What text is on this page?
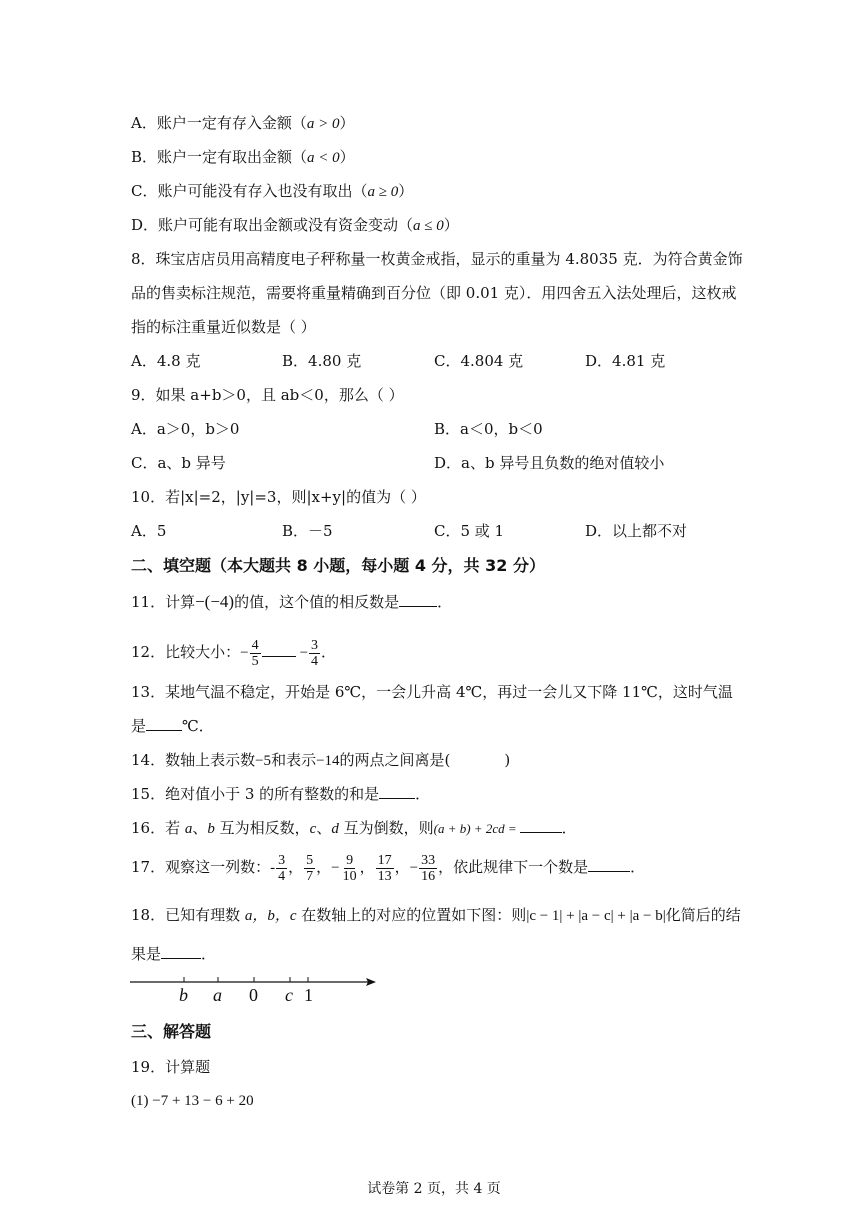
A．账户一定有存入金额（a > 0）
B．账户一定有取出金额（a < 0）
C．账户可能没有存入也没有取出（a ≥ 0）
D．账户可能有取出金额或没有资金变动（a ≤ 0）
8．珠宝店店员用高精度电子秤称量一枚黄金戒指，显示的重量为 4.8035 克．为符合黄金饰
品的售卖标注规范，需要将重量精确到百分位（即 0.01 克）．用四舍五入法处理后，这枚戒
指的标注重量近似数是（ ）
A．4.8 克	B．4.80 克	C．4.804 克	D．4.81 克
9．如果 a+b＞0，且 ab＜0，那么（ ）
A．a＞0，b＞0	B．a＜0，b＜0
C．a、b 异号	D．a、b 异号且负数的绝对值较小
10．若|x|=2，|y|=3，则|x+y|的值为（ ）
A．5	B．－5	C．5 或 1	D．以上都不对
二、填空题（本大题共 8 小题，每小题 4 分，共 32 分）
11．计算−(−4)的值，这个值的相反数是	．
12．比较大小：− $\frac{4}{5}$	− $\frac{3}{4}$ ．
13．某地气温不稳定，开始是 6℃，一会儿升高 4℃，再过一会儿又下降 11℃，这时气温
是 ℃．
14．数轴上表示数−5和表示−14的两点之间离是(	)
15．绝对值小于 3 的所有整数的和是 ．
16．若 a、b 互为相反数，c、d 互为倒数，则(a + b) + 2cd =	．
17．观察这一列数：- $\frac{3}{4}$ ， $\frac{5}{7}$ ，− $\frac{9}{10}$ ， $\frac{17}{13}$ ，− $\frac{33}{16}$ ，依此规律下一个数是	．
18．已知有理数 a，b，c 在数轴上的对应的位置如下图：则|c − 1| + |a − c| + |a − b|化简后的结
果是	．
b a 0 c 1
三、解答题
19．计算题
(1) −7 + 13 − 6 + 20
试卷第 2 页，共 4 页
